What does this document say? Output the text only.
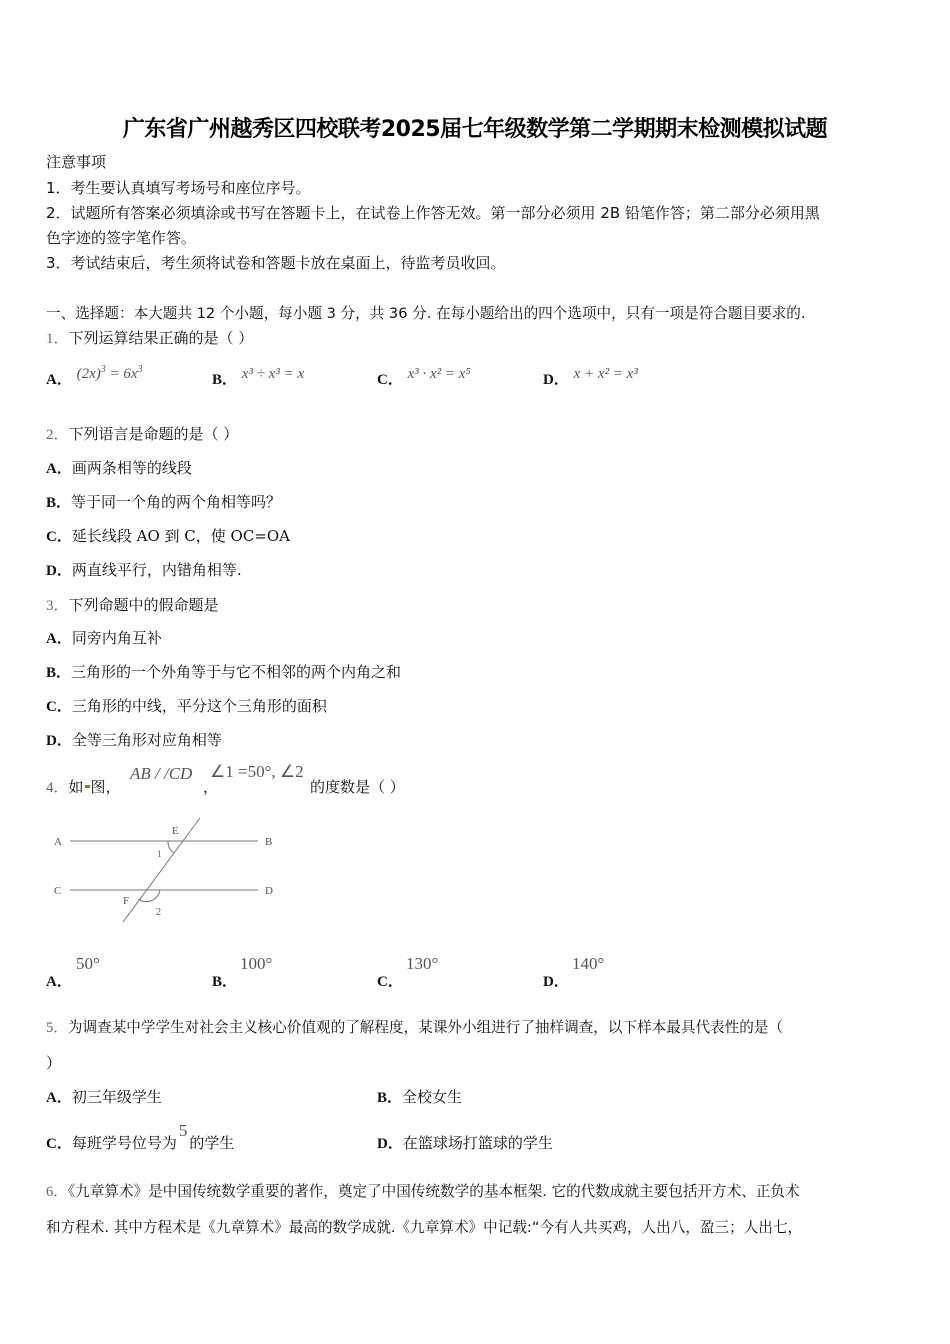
广东省广州越秀区四校联考2025届七年级数学第二学期期末检测模拟试题
注意事项
1．考生要认真填写考场号和座位序号。
2．试题所有答案必须填涂或书写在答题卡上，在试卷上作答无效。第一部分必须用 2B 铅笔作答；第二部分必须用黑
色字迹的签字笔作答。
3．考试结束后，考生须将试卷和答题卡放在桌面上，待监考员收回。
一、选择题：本大题共 12 个小题，每小题 3 分，共 36 分. 在每小题给出的四个选项中，只有一项是符合题目要求的.
1．下列运算结果正确的是（ ）
A． $(2x)^3 = 6x^3$
B． x³ ÷ x³ = x	C． x³ · x² = x⁵	D． x + x² = x³
2．下列语言是命题的是（ ）
A．画两条相等的线段
B．等于同一个角的两个角相等吗？
C．延长线段 AO 到 C，使 OC=OA
D．两直线平行，内错角相等.
3．下列命题中的假命题是
A．同旁内角互补
B．三角形的一个外角等于与它不相邻的两个内角之和
C．三角形的中线，平分这个三角形的面积
D．全等三角形对应角相等
4．如 图，
AB / /CD
，
∠1 =50°, ∠2
的度数是（ ）
A	B
C	D
E
F
1
2
A．
50°
B．
100°
C．
130°
D．
140°
5．为调查某中学学生对社会主义核心价值观的了解程度，某课外小组进行了抽样调查，以下样本最具代表性的是（
）
A．初三年级学生	B．全校女生
C．每班学号位号为5的学生	D．在篮球场打篮球的学生
6．《九章算术》是中国传统数学重要的著作，奠定了中国传统数学的基本框架. 它的代数成就主要包括开方术、正负术
和方程术. 其中方程术是《九章算术》最高的数学成就.《九章算术》中记载:“今有人共买鸡，人出八，盈三；人出七，
